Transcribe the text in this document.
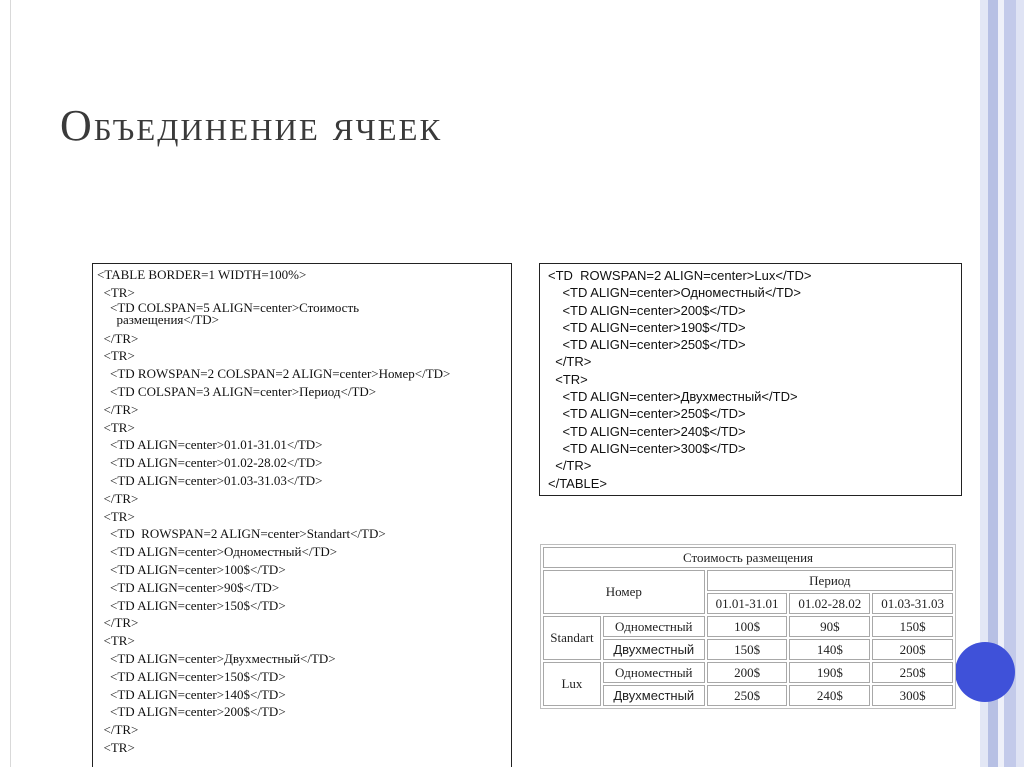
Объединение ячеек
<TABLE BORDER=1 WIDTH=100%>
<TR>
<TD COLSPAN=5 ALIGN=center>Стоимость
размещения</TD>
</TR>
<TR>
<TD ROWSPAN=2 COLSPAN=2 ALIGN=center>Номер</TD>
<TD COLSPAN=3 ALIGN=center>Период</TD>
</TR>
<TR>
<TD ALIGN=center>01.01-31.01</TD>
<TD ALIGN=center>01.02-28.02</TD>
<TD ALIGN=center>01.03-31.03</TD>
</TR>
<TR>
<TD  ROWSPAN=2 ALIGN=center>Standart</TD>
<TD ALIGN=center>Одноместный</TD>
<TD ALIGN=center>100$</TD>
<TD ALIGN=center>90$</TD>
<TD ALIGN=center>150$</TD>
</TR>
<TR>
<TD ALIGN=center>Двухместный</TD>
<TD ALIGN=center>150$</TD>
<TD ALIGN=center>140$</TD>
<TD ALIGN=center>200$</TD>
</TR>
<TR>
<TD  ROWSPAN=2 ALIGN=center>Lux</TD>
<TD ALIGN=center>Одноместный</TD>
<TD ALIGN=center>200$</TD>
<TD ALIGN=center>190$</TD>
<TD ALIGN=center>250$</TD>
</TR>
<TR>
<TD ALIGN=center>Двухместный</TD>
<TD ALIGN=center>250$</TD>
<TD ALIGN=center>240$</TD>
<TD ALIGN=center>300$</TD>
</TR>
</TABLE>
Стоимость размещения				
Номер		Период		
		01.01-31.01	01.02-28.02	01.03-31.03
Standart	Одноместный	100$	90$	150$
	Двухместный	150$	140$	200$
Lux	Одноместный	200$	190$	250$
	Двухместный	250$	240$	300$
